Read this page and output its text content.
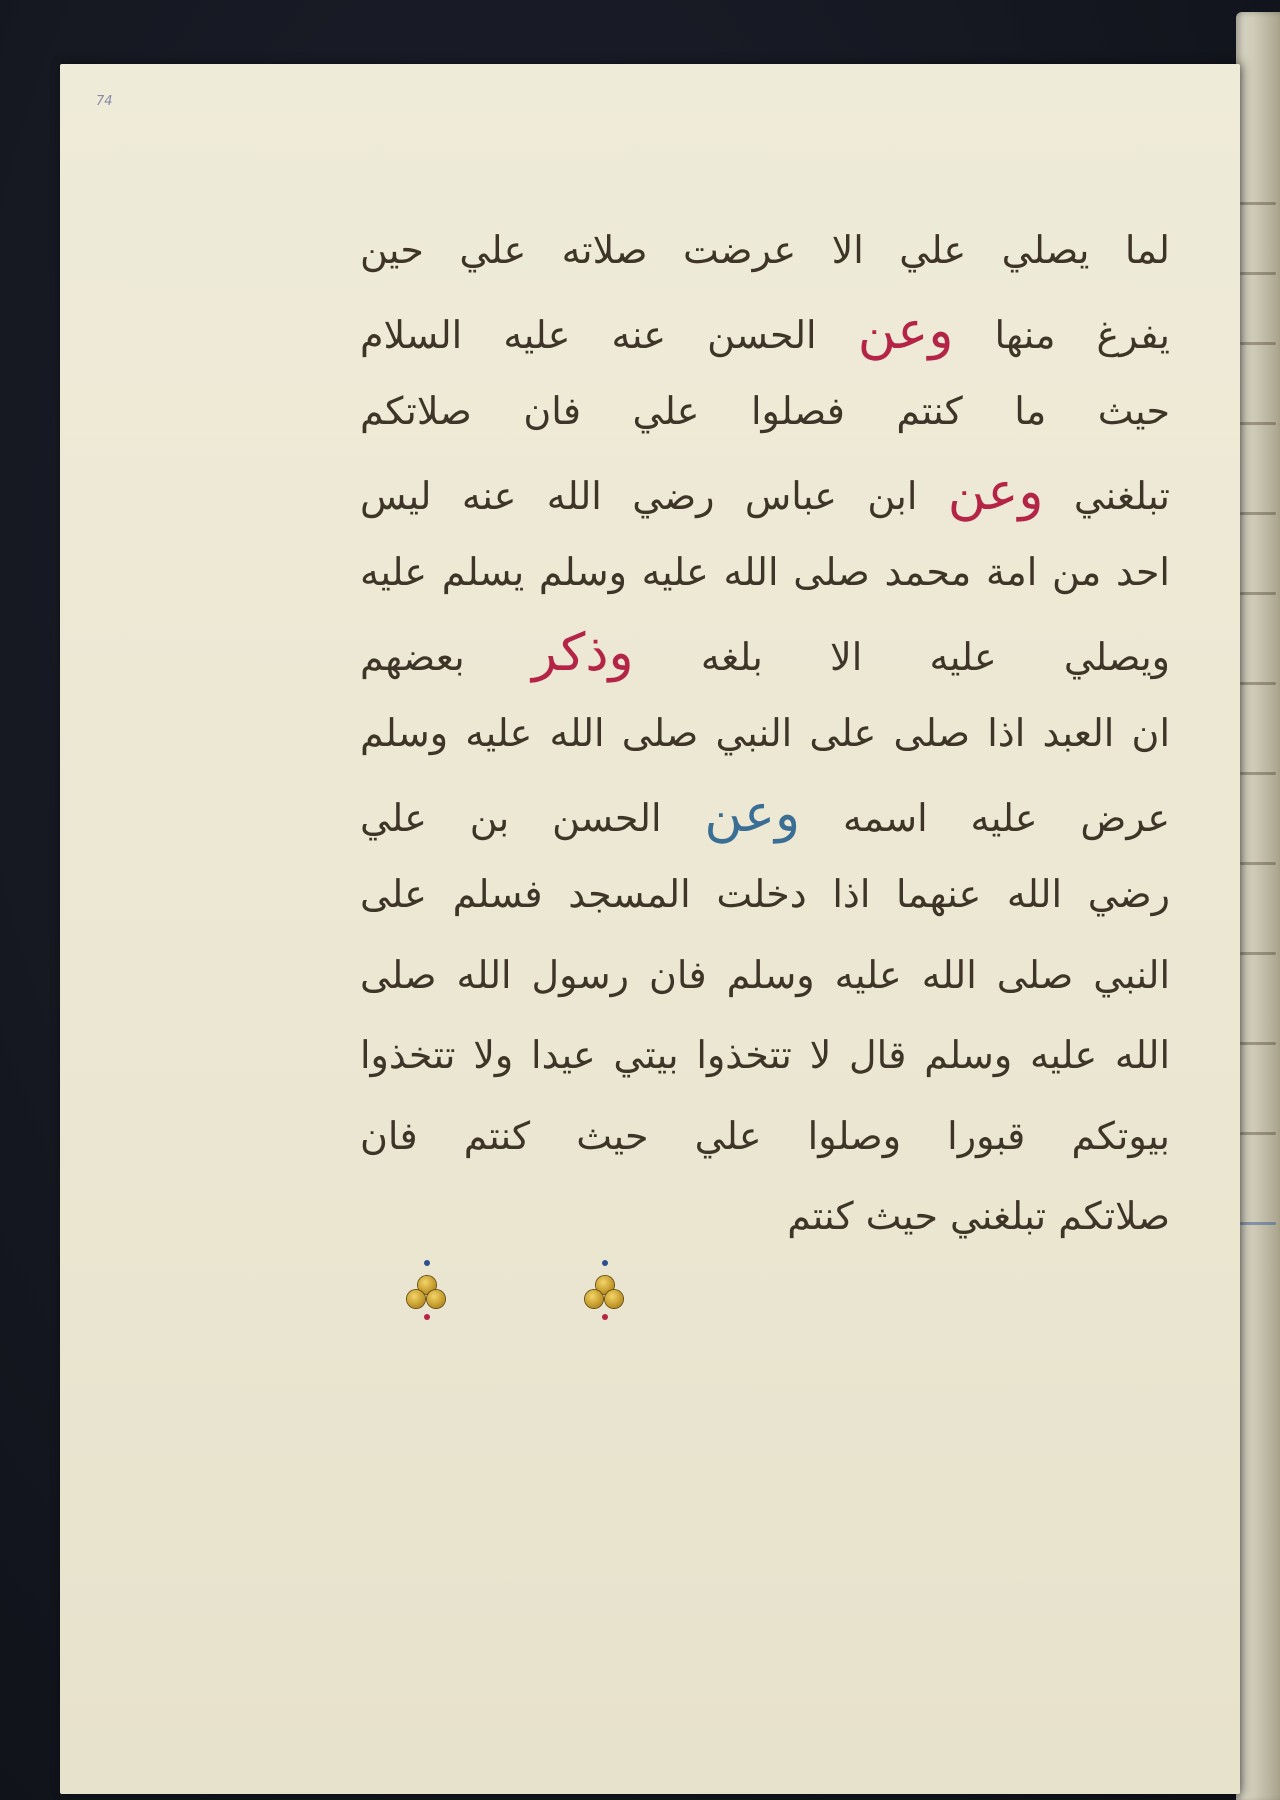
74
لما يصلي علي الا عرضت صلاته علي حين
يفرغ منها وعن الحسن عنه عليه السلام
حيث ما كنتم فصلوا علي فان صلاتكم
تبلغني وعن ابن عباس رضي الله عنه ليس
احد من امة محمد صلى الله عليه وسلم يسلم عليه
ويصلي عليه الا بلغه وذكر بعضهم
ان العبد اذا صلى على النبي صلى الله عليه وسلم
عرض عليه اسمه وعن الحسن بن علي
رضي الله عنهما اذا دخلت المسجد فسلم على
النبي صلى الله عليه وسلم فان رسول الله صلى
الله عليه وسلم قال لا تتخذوا بيتي عيدا ولا تتخذوا
بيوتكم قبورا وصلوا علي حيث كنتم فان
صلاتكم تبلغني حيث كنتم
